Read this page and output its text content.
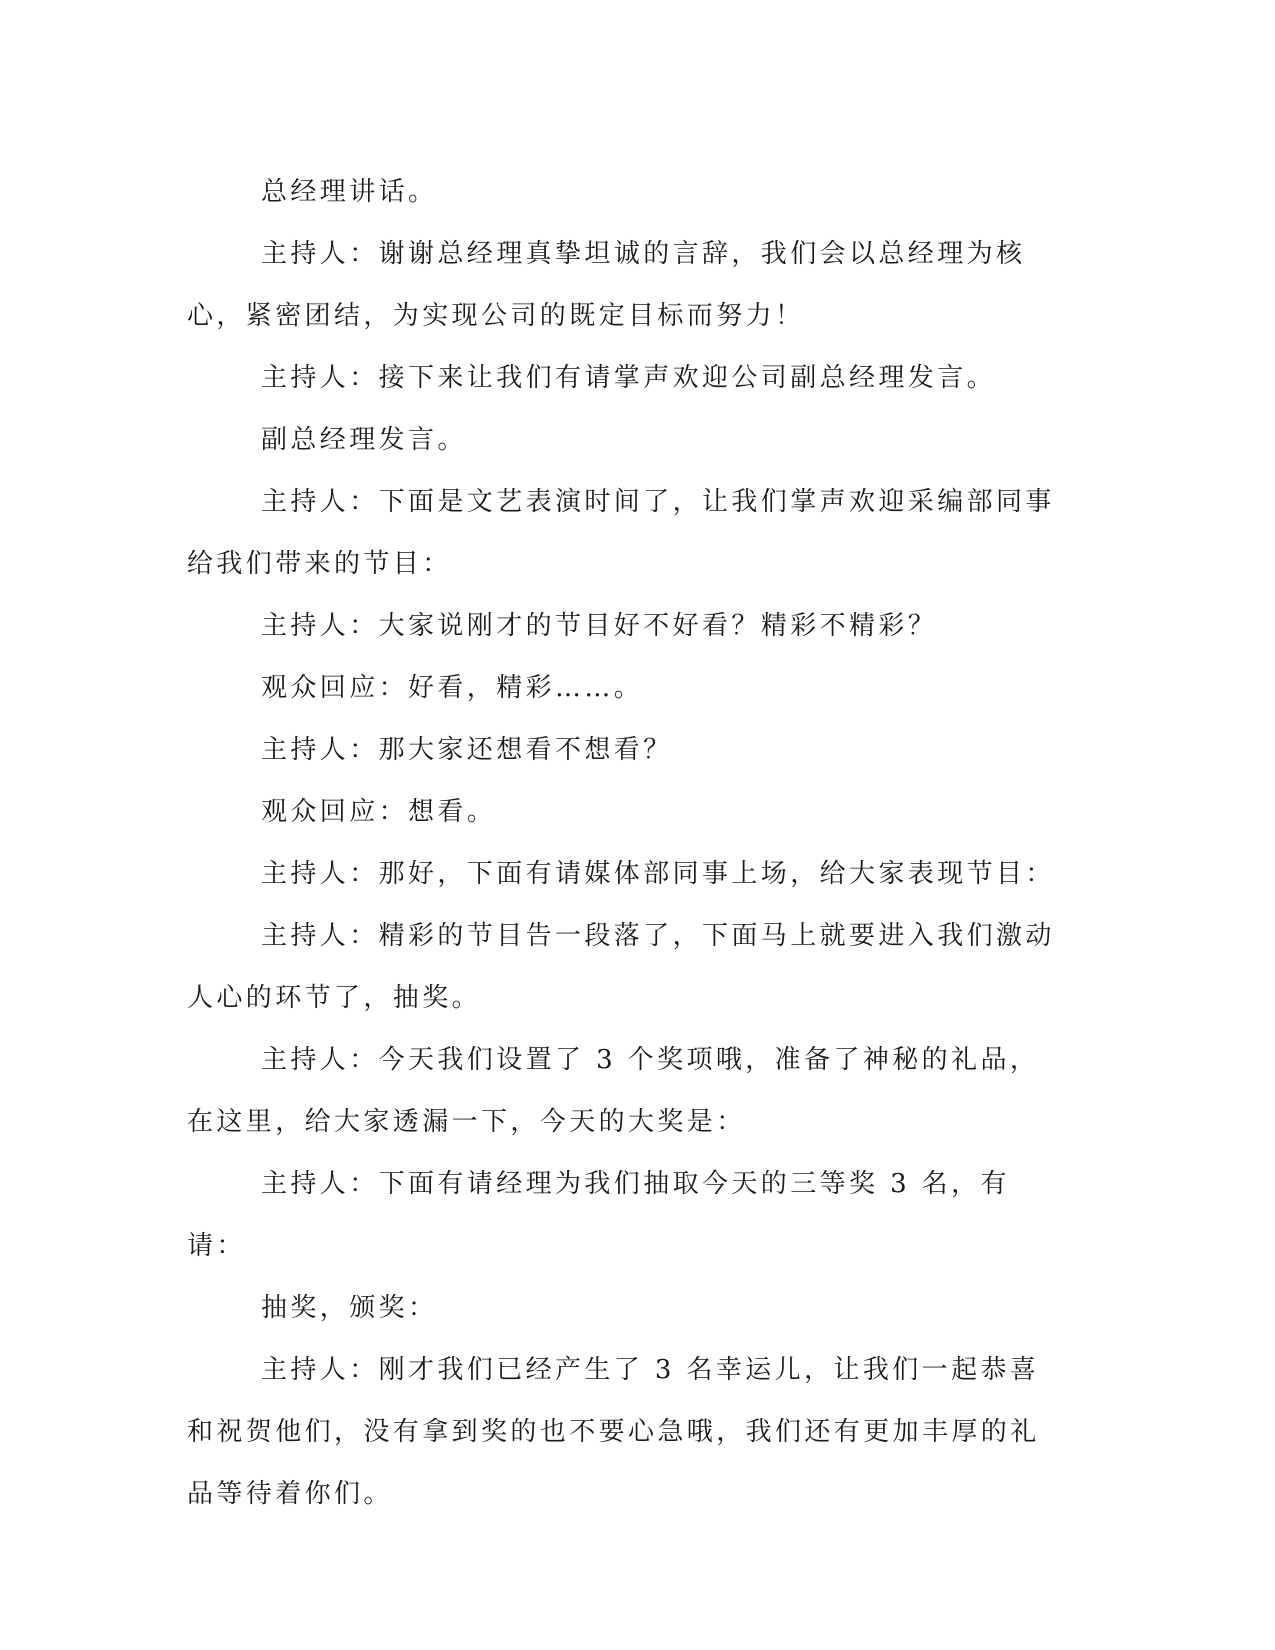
总经理讲话。

主持人：谢谢总经理真挚坦诚的言辞，我们会以总经理为核心，紧密团结，为实现公司的既定目标而努力！

主持人：接下来让我们有请掌声欢迎公司副总经理发言。

副总经理发言。

主持人：下面是文艺表演时间了，让我们掌声欢迎采编部同事给我们带来的节目：

主持人：大家说刚才的节目好不好看？精彩不精彩？

观众回应：好看，精彩……。

主持人：那大家还想看不想看？

观众回应：想看。

主持人：那好，下面有请媒体部同事上场，给大家表现节目：

主持人：精彩的节目告一段落了，下面马上就要进入我们激动人心的环节了，抽奖。

主持人：今天我们设置了 3 个奖项哦，准备了神秘的礼品，在这里，给大家透漏一下，今天的大奖是：

主持人：下面有请经理为我们抽取今天的三等奖 3 名，有请：

抽奖，颁奖：

主持人：刚才我们已经产生了 3 名幸运儿，让我们一起恭喜和祝贺他们，没有拿到奖的也不要心急哦，我们还有更加丰厚的礼品等待着你们。
